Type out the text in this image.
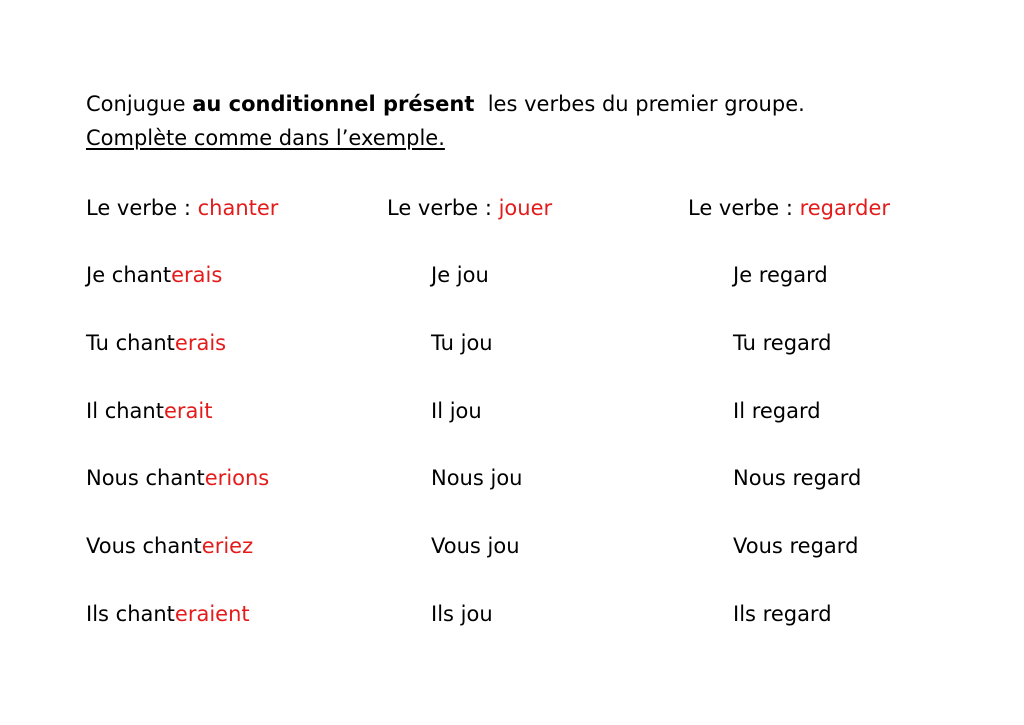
Conjugue au conditionnel présent  les verbes du premier groupe.
Complète comme dans l’exemple.
Le verbe : chanter
Je chanterais
Tu chanterais
Il chanterait
Nous chanterions
Vous chanteriez
Ils chanteraient
Le verbe : jouer
Je jou
Tu jou
Il jou
Nous jou
Vous jou
Ils jou
Le verbe : regarder
Je regard
Tu regard
Il regard
Nous regard
Vous regard
Ils regard
